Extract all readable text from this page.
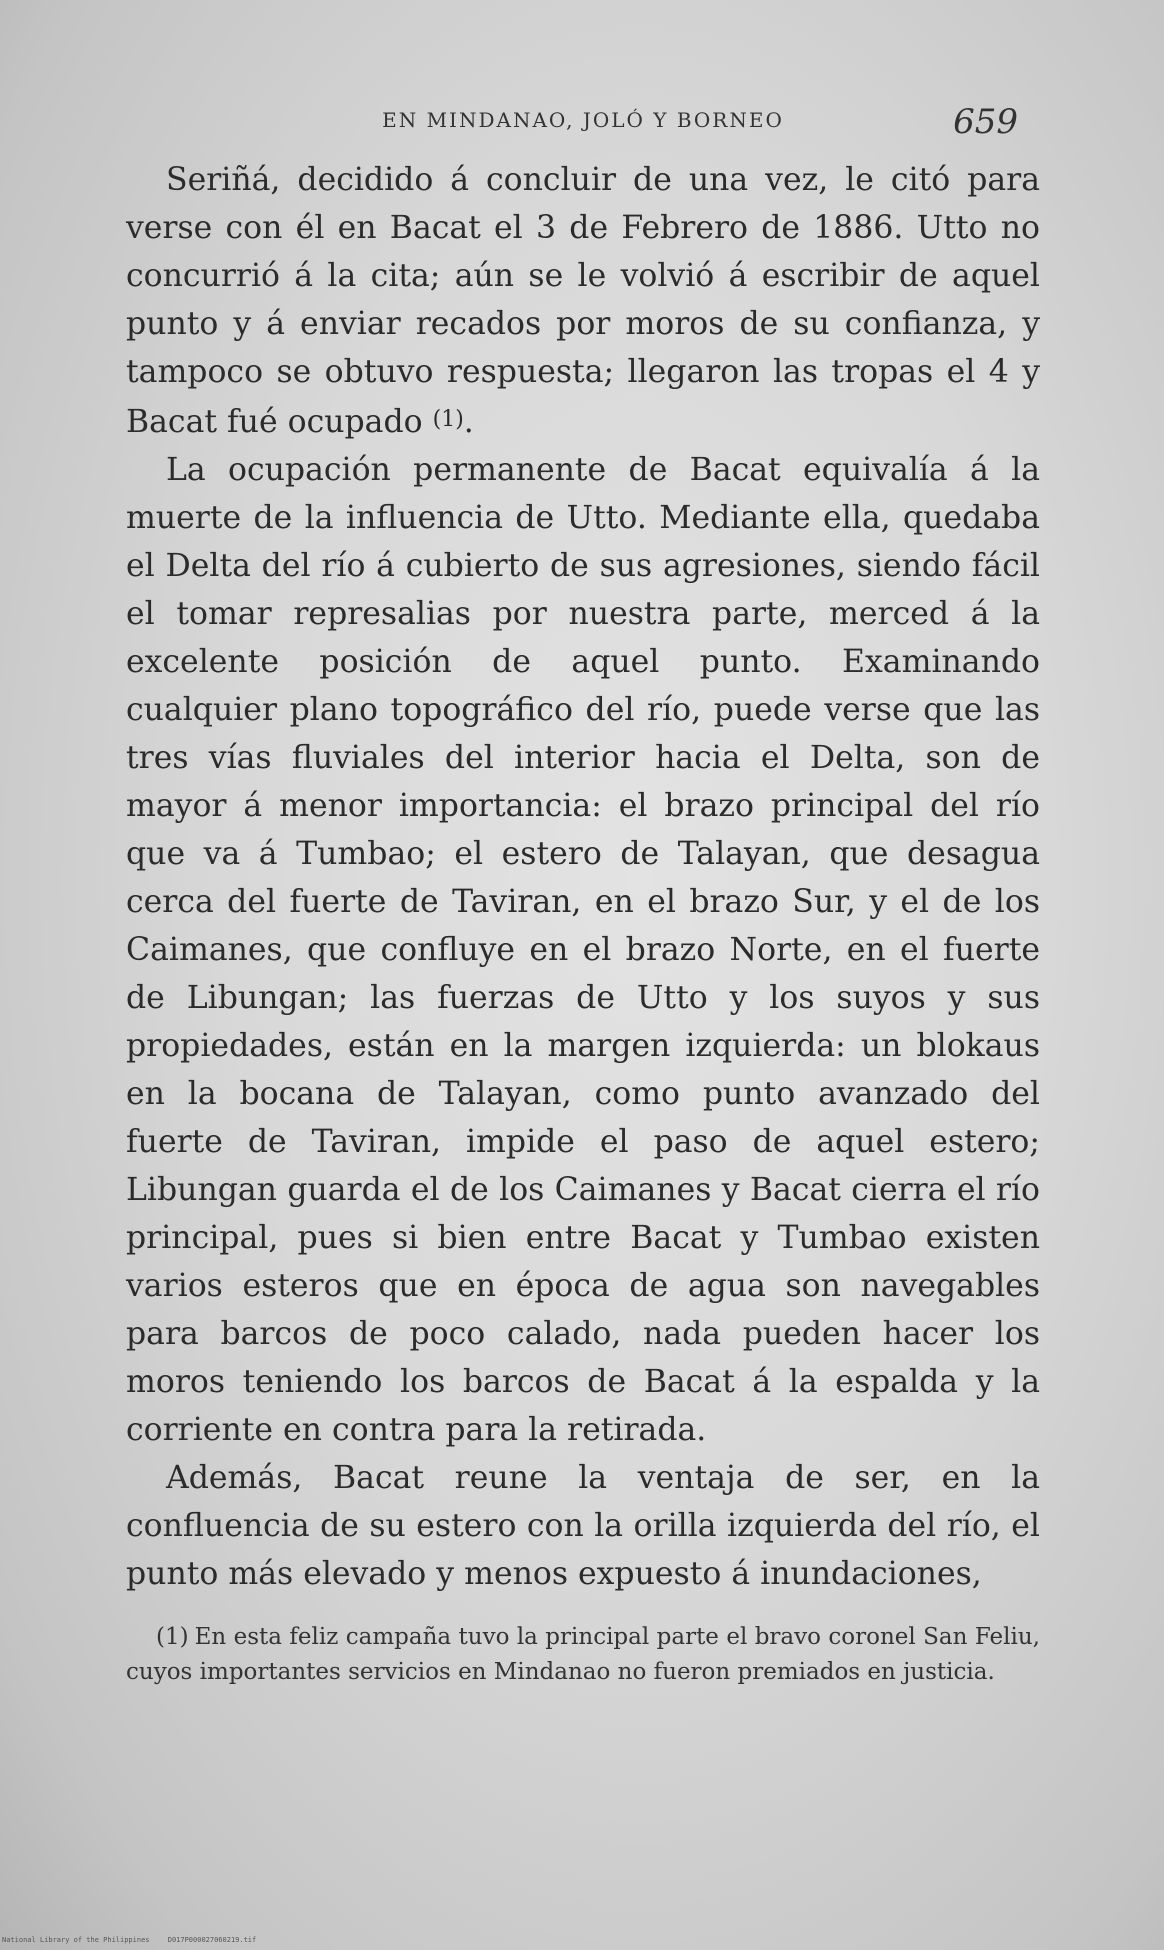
EN MINDANAO, JOLÓ Y BORNEO	659

Seriñá, decidido á concluir de una vez, le citó para verse con él en Bacat el 3 de Febrero de 1886. Utto no concurrió á la cita; aún se le volvió á escribir de aquel punto y á enviar recados por moros de su confianza, y tampoco se obtuvo respuesta; llegaron las tropas el 4 y Bacat fué ocupado (1).

La ocupación permanente de Bacat equivalía á la muerte de la influencia de Utto. Mediante ella, quedaba el Delta del río á cubierto de sus agresiones, siendo fácil el tomar represalias por nuestra parte, merced á la excelente posición de aquel punto. Examinando cualquier plano topográfico del río, puede verse que las tres vías fluviales del interior hacia el Delta, son de mayor á menor importancia: el brazo principal del río que va á Tumbao; el estero de Talayan, que desagua cerca del fuerte de Taviran, en el brazo Sur, y el de los Caimanes, que confluye en el brazo Norte, en el fuerte de Libungan; las fuerzas de Utto y los suyos y sus propiedades, están en la margen izquierda: un blokaus en la bocana de Talayan, como punto avanzado del fuerte de Taviran, impide el paso de aquel estero; Libungan guarda el de los Caimanes y Bacat cierra el río principal, pues si bien entre Bacat y Tumbao existen varios esteros que en época de agua son navegables para barcos de poco calado, nada pueden hacer los moros teniendo los barcos de Bacat á la espalda y la corriente en contra para la retirada.

Además, Bacat reune la ventaja de ser, en la confluencia de su estero con la orilla izquierda del río, el punto más elevado y menos expuesto á inundaciones,

(1) En esta feliz campaña tuvo la principal parte el bravo coronel San Feliu, cuyos importantes servicios en Mindanao no fueron premiados en justicia.

National Library of the Philippines	D017P000027060219.tif
